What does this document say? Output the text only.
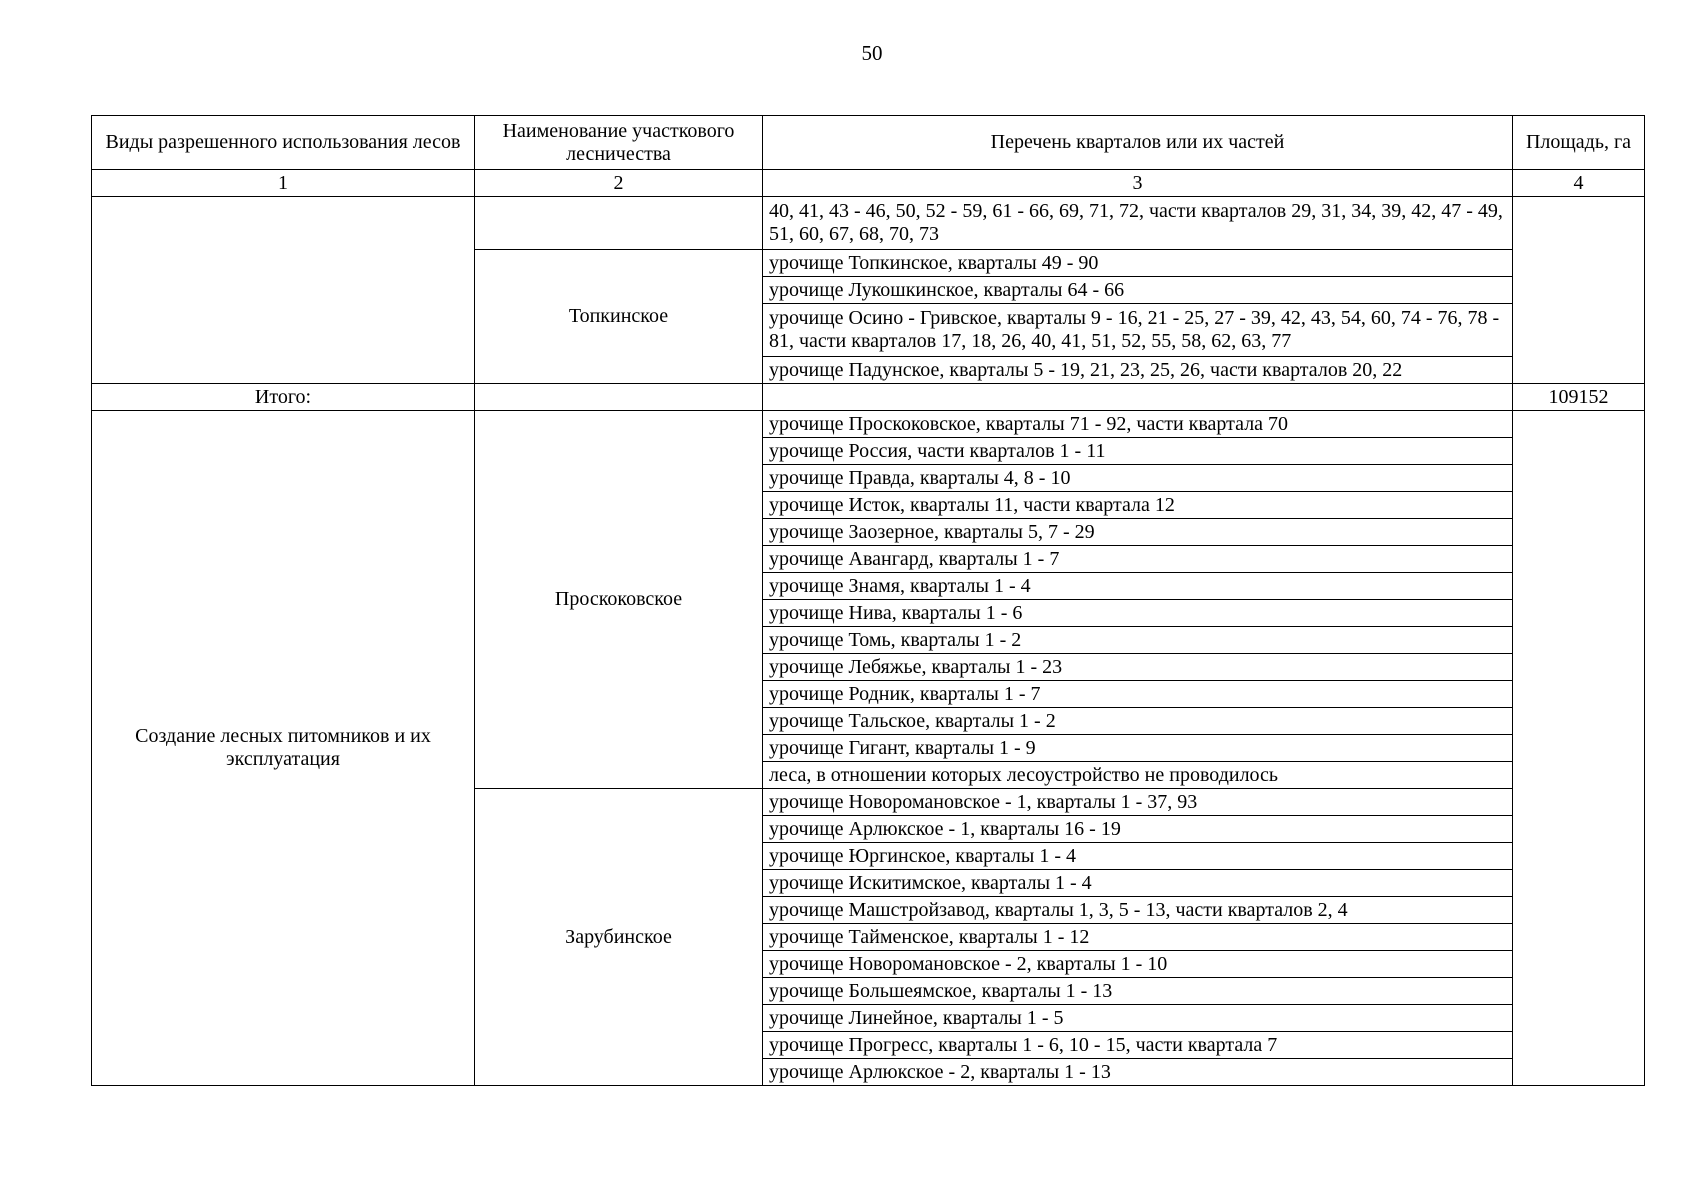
50
Виды разрешенного использования лесов	Наименование участкового лесничества	Перечень кварталов или их частей	Площадь, га
1	2	3	4
		40, 41, 43 - 46, 50, 52 - 59, 61 - 66, 69, 71, 72, части кварталов 29, 31, 34, 39, 42, 47 - 49, 51, 60, 67, 68, 70, 73	
	Топкинское	урочище Топкинское, кварталы 49 - 90	
		урочище Лукошкинское, кварталы 64 - 66	
		урочище Осино - Гривское, кварталы 9 - 16, 21 - 25, 27 - 39, 42, 43, 54, 60, 74 - 76, 78 - 81, части кварталов 17, 18, 26, 40, 41, 51, 52, 55, 58, 62, 63, 77	
		урочище Падунское, кварталы 5 - 19, 21, 23, 25, 26, части кварталов 20, 22	
Итого:			109152
Создание лесных питомников и их эксплуатация	Проскоковское	урочище Проскоковское, кварталы 71 - 92, части квартала 70	
		урочище Россия, части кварталов 1 - 11	
		урочище Правда, кварталы 4, 8 - 10	
		урочище Исток, кварталы 11, части квартала 12	
		урочище Заозерное, кварталы 5, 7 - 29	
		урочище Авангард, кварталы 1 - 7	
		урочище Знамя, кварталы 1 - 4	
		урочище Нива, кварталы 1 - 6	
		урочище Томь, кварталы 1 - 2	
		урочище Лебяжье, кварталы 1 - 23	
		урочище Родник, кварталы 1 - 7	
		урочище Тальское, кварталы 1 - 2	
		урочище Гигант, кварталы 1 - 9	
		леса, в отношении которых лесоустройство не проводилось	
	Зарубинское	урочище Новоромановское - 1, кварталы 1 - 37, 93	
		урочище Арлюкское - 1, кварталы 16 - 19	
		урочище Юргинское, кварталы 1 - 4	
		урочище Искитимское, кварталы 1 - 4	
		урочище Машстройзавод, кварталы 1, 3, 5 - 13, части кварталов 2, 4	
		урочище Тайменское, кварталы 1 - 12	
		урочище Новоромановское - 2, кварталы 1 - 10	
		урочище Большеямское, кварталы 1 - 13	
		урочище Линейное, кварталы 1 - 5	
		урочище Прогресс, кварталы 1 - 6, 10 - 15, части квартала 7	
		урочище Арлюкское - 2, кварталы 1 - 13	
